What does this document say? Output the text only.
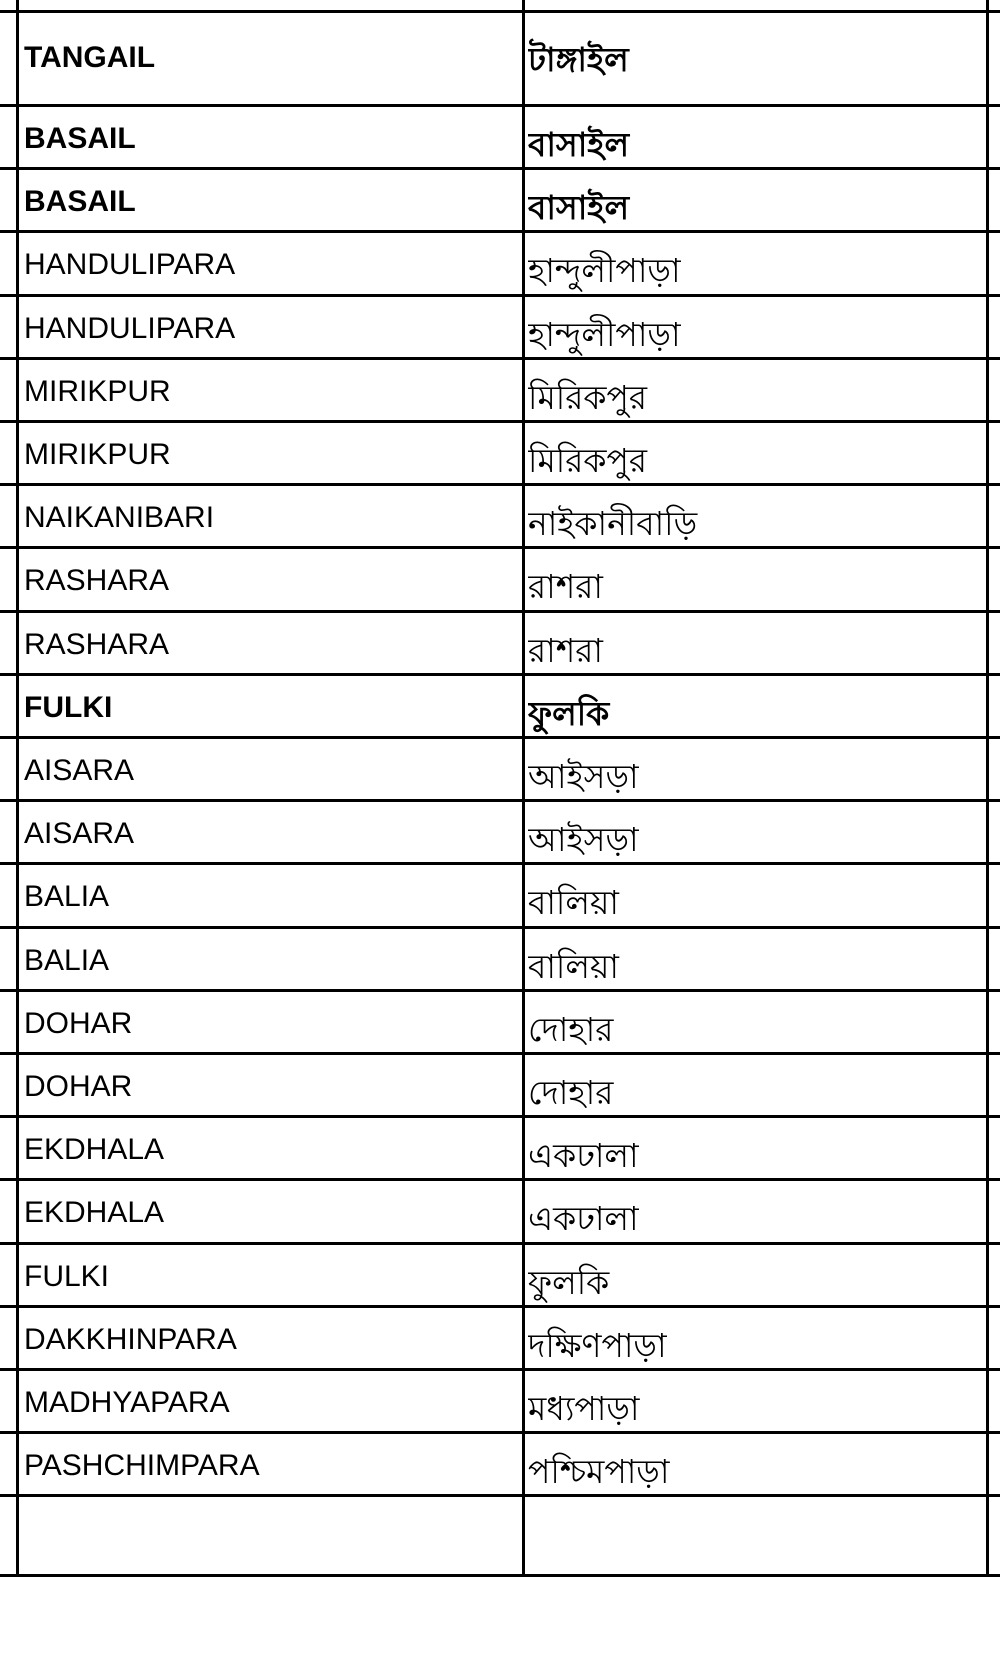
TANGAIL	টাঙ্গাইল
BASAIL	বাসাইল
BASAIL	বাসাইল
HANDULIPARA	হান্দুলীপাড়া
HANDULIPARA	হান্দুলীপাড়া
MIRIKPUR	মিরিকপুর
MIRIKPUR	মিরিকপুর
NAIKANIBARI	নাইকানীবাড়ি
RASHARA	রাশরা
RASHARA	রাশরা
FULKI	ফুলকি
AISARA	আইসড়া
AISARA	আইসড়া
BALIA	বালিয়া
BALIA	বালিয়া
DOHAR	দোহার
DOHAR	দোহার
EKDHALA	একঢালা
EKDHALA	একঢালা
FULKI	ফুলকি
DAKKHINPARA	দক্ষিণপাড়া
MADHYAPARA	মধ্যপাড়া
PASHCHIMPARA	পশ্চিমপাড়া
